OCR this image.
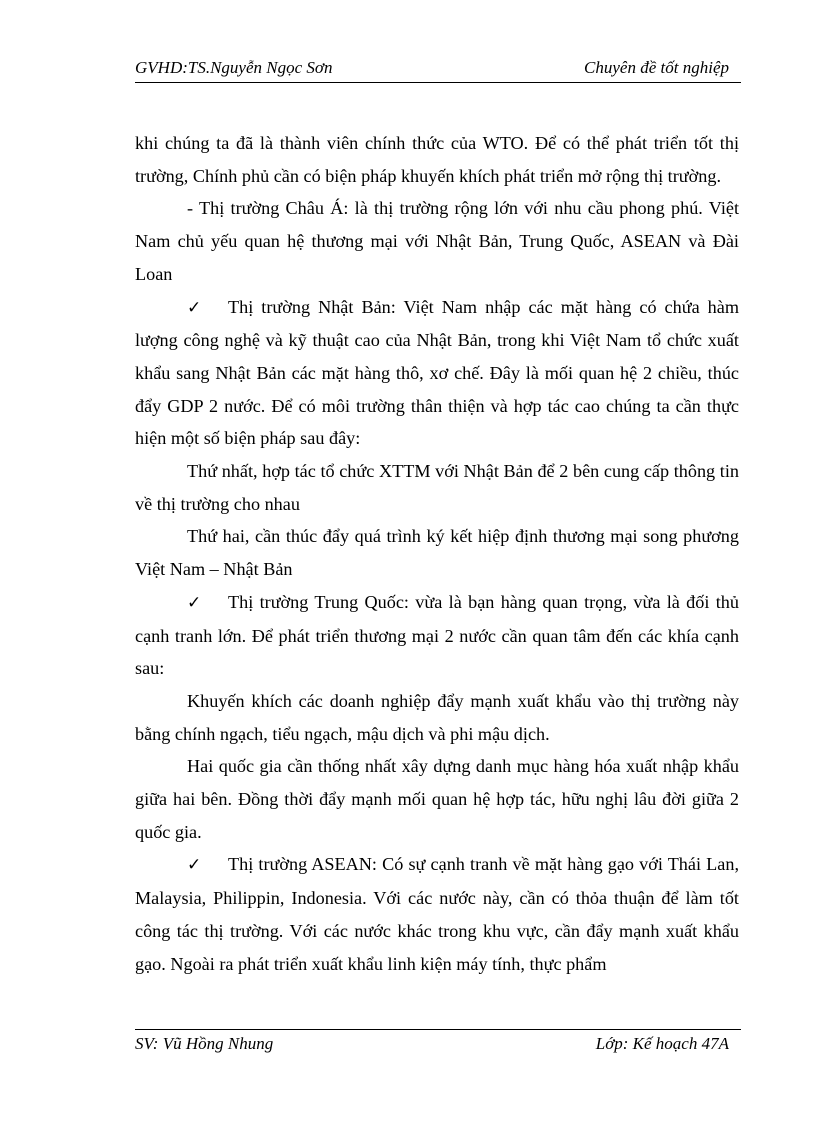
GVHD:TS.Nguyễn Ngọc Sơn	Chuyên đề tốt nghiệp

khi chúng ta đã là thành viên chính thức của WTO. Để có thể phát triển tốt thị trường, Chính phủ cần có biện pháp khuyến khích phát triển mở rộng thị trường.

- Thị trường Châu Á: là thị trường rộng lớn với nhu cầu phong phú. Việt Nam chủ yếu quan hệ thương mại với Nhật Bản, Trung Quốc, ASEAN và Đài Loan

✓ Thị trường Nhật Bản: Việt Nam nhập các mặt hàng có chứa hàm lượng công nghệ và kỹ thuật cao của Nhật Bản, trong khi Việt Nam tổ chức xuất khẩu sang Nhật Bản các mặt hàng thô, xơ chế. Đây là mối quan hệ 2 chiều, thúc đẩy GDP 2 nước. Để có môi trường thân thiện và hợp tác cao chúng ta cần thực hiện một số biện pháp sau đây:

Thứ nhất, hợp tác tổ chức XTTM với Nhật Bản để 2 bên cung cấp thông tin về thị trường cho nhau

Thứ hai, cần thúc đẩy quá trình ký kết hiệp định thương mại song phương Việt Nam – Nhật Bản

✓ Thị trường Trung Quốc: vừa là bạn hàng quan trọng, vừa là đối thủ cạnh tranh lớn. Để phát triển thương mại 2 nước cần quan tâm đến các khía cạnh sau:

Khuyến khích các doanh nghiệp đẩy mạnh xuất khẩu vào thị trường này bằng chính ngạch, tiểu ngạch, mậu dịch và phi mậu dịch.

Hai quốc gia cần thống nhất xây dựng danh mục hàng hóa xuất nhập khẩu giữa hai bên. Đồng thời đẩy mạnh mối quan hệ hợp tác, hữu nghị lâu đời giữa 2 quốc gia.

✓ Thị trường ASEAN: Có sự cạnh tranh về mặt hàng gạo với Thái Lan, Malaysia, Philippin, Indonesia. Với các nước này, cần có thỏa thuận để làm tốt công tác thị trường. Với các nước khác trong khu vực, cần đẩy mạnh xuất khẩu gạo. Ngoài ra phát triển xuất khẩu linh kiện máy tính, thực phẩm

SV: Vũ Hồng Nhung	Lớp: Kế hoạch 47A
